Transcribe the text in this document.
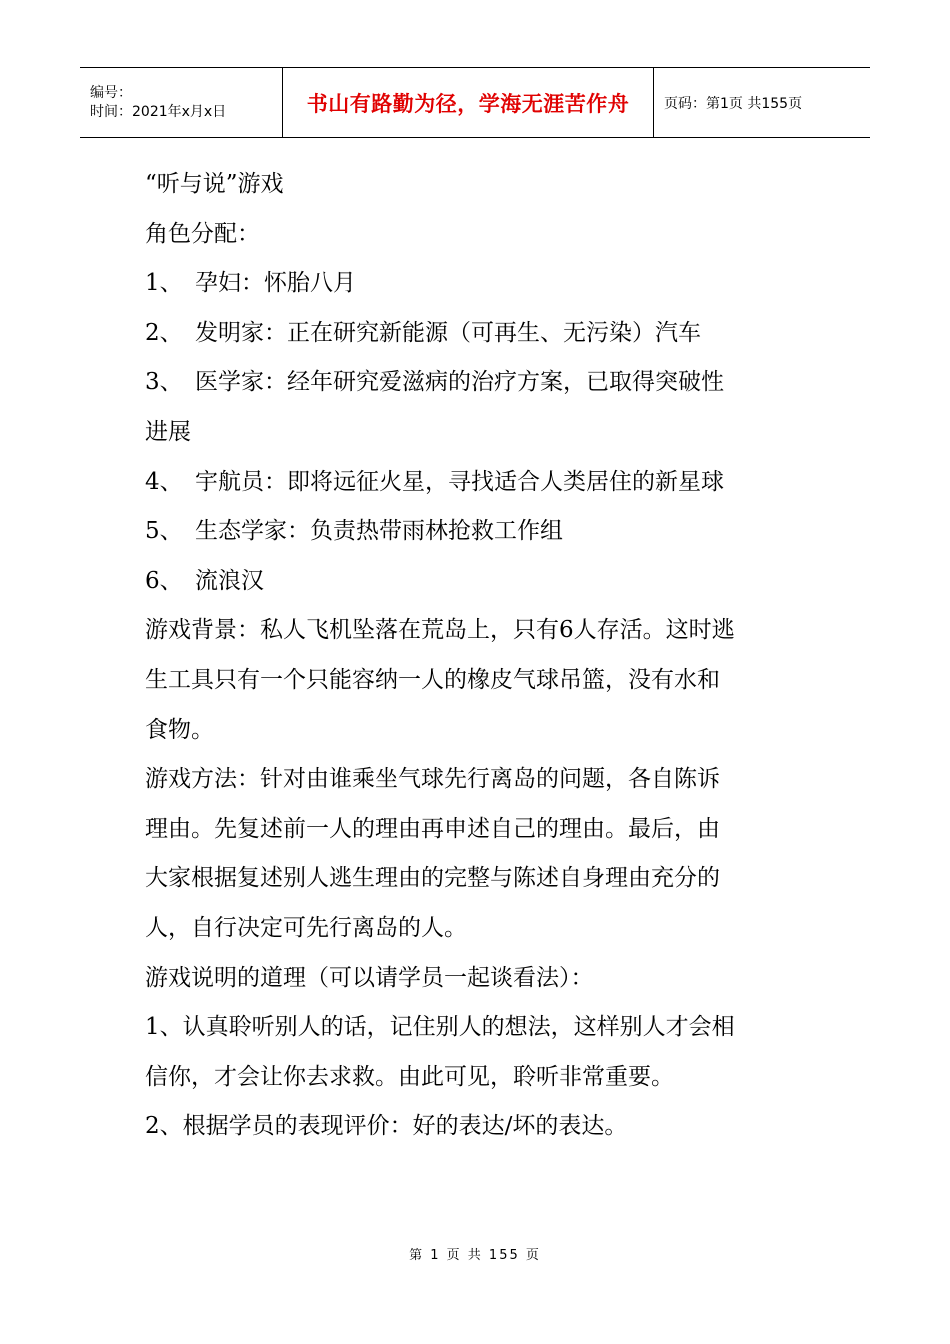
编号：
时间：2021年x月x日	书山有路勤为径，学海无涯苦作舟 页码：第1页 共155页

“听与说”游戏

角色分配：

1、 孕妇：怀胎八月

2、 发明家：正在研究新能源（可再生、无污染）汽车

3、 医学家：经年研究爱滋病的治疗方案，已取得突破性

进展

4、 宇航员：即将远征火星，寻找适合人类居住的新星球

5、 生态学家：负责热带雨林抢救工作组

6、 流浪汉

游戏背景：私人飞机坠落在荒岛上，只有6人存活。这时逃

生工具只有一个只能容纳一人的橡皮气球吊篮，没有水和

食物。

游戏方法：针对由谁乘坐气球先行离岛的问题，各自陈诉

理由。先复述前一人的理由再申述自己的理由。最后，由

大家根据复述别人逃生理由的完整与陈述自身理由充分的

人，自行决定可先行离岛的人。

游戏说明的道理（可以请学员一起谈看法）：

1、认真聆听别人的话，记住别人的想法，这样别人才会相

信你，才会让你去求救。由此可见，聆听非常重要。

2、根据学员的表现评价：好的表达/坏的表达。

第 1 页 共 155 页
